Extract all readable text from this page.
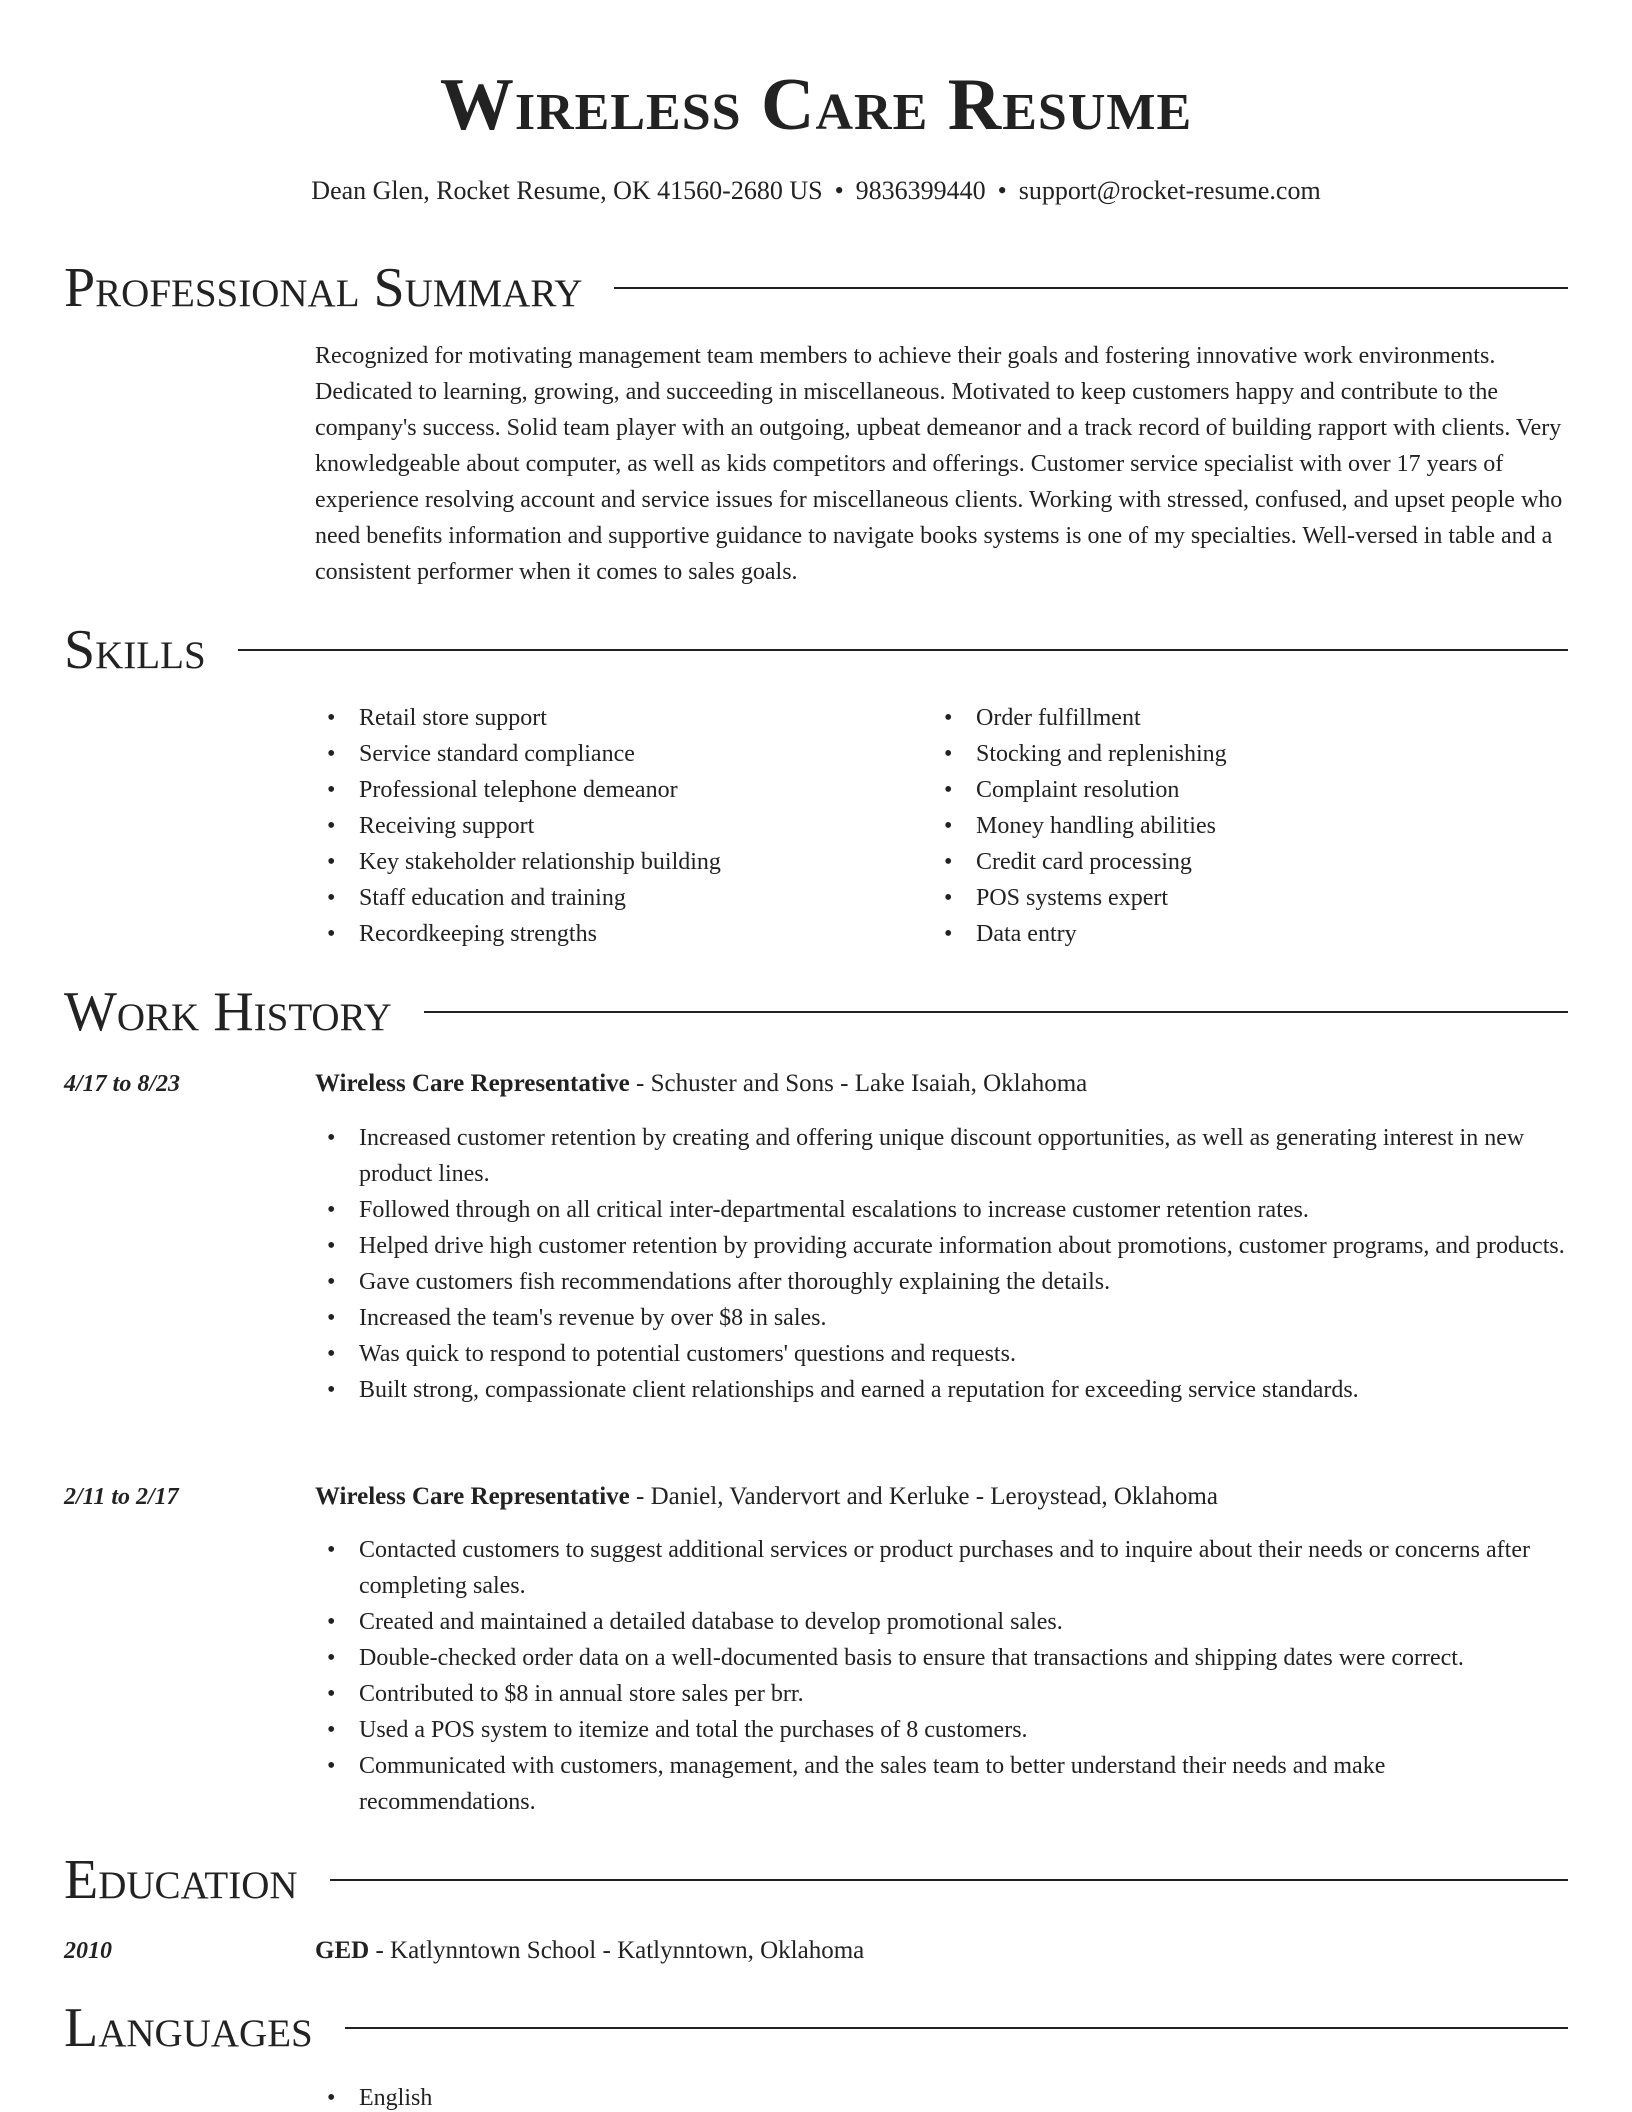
Wireless Care Resume
Dean Glen, Rocket Resume, OK 41560-2680 US • 9836399440 • support@rocket-resume.com
Professional Summary

Recognized for motivating management team members to achieve their goals and fostering innovative work environments. Dedicated to learning, growing, and succeeding in miscellaneous. Motivated to keep customers happy and contribute to the company's success. Solid team player with an outgoing, upbeat demeanor and a track record of building rapport with clients. Very knowledgeable about computer, as well as kids competitors and offerings. Customer service specialist with over 17 years of experience resolving account and service issues for miscellaneous clients. Working with stressed, confused, and upset people who need benefits information and supportive guidance to navigate books systems is one of my specialties. Well-versed in table and a consistent performer when it comes to sales goals.

Skills
• Retail store support
• Service standard compliance
• Professional telephone demeanor
• Receiving support
• Key stakeholder relationship building
• Staff education and training
• Recordkeeping strengths
• Order fulfillment
• Stocking and replenishing
• Complaint resolution
• Money handling abilities
• Credit card processing
• POS systems expert
• Data entry
Work History
4/17 to 8/23	Wireless Care Representative - Schuster and Sons - Lake Isaiah, Oklahoma
• Increased customer retention by creating and offering unique discount opportunities, as well as generating interest in new product lines.
• Followed through on all critical inter-departmental escalations to increase customer retention rates.
• Helped drive high customer retention by providing accurate information about promotions, customer programs, and products.
• Gave customers fish recommendations after thoroughly explaining the details.
• Increased the team's revenue by over $8 in sales.
• Was quick to respond to potential customers' questions and requests.
• Built strong, compassionate client relationships and earned a reputation for exceeding service standards.
2/11 to 2/17	Wireless Care Representative - Daniel, Vandervort and Kerluke - Leroystead, Oklahoma
• Contacted customers to suggest additional services or product purchases and to inquire about their needs or concerns after completing sales.
• Created and maintained a detailed database to develop promotional sales.
• Double-checked order data on a well-documented basis to ensure that transactions and shipping dates were correct.
• Contributed to $8 in annual store sales per brr.
• Used a POS system to itemize and total the purchases of 8 customers.
• Communicated with customers, management, and the sales team to better understand their needs and make recommendations.
Education
2010	GED - Katlynntown School - Katlynntown, Oklahoma
Languages
• English
